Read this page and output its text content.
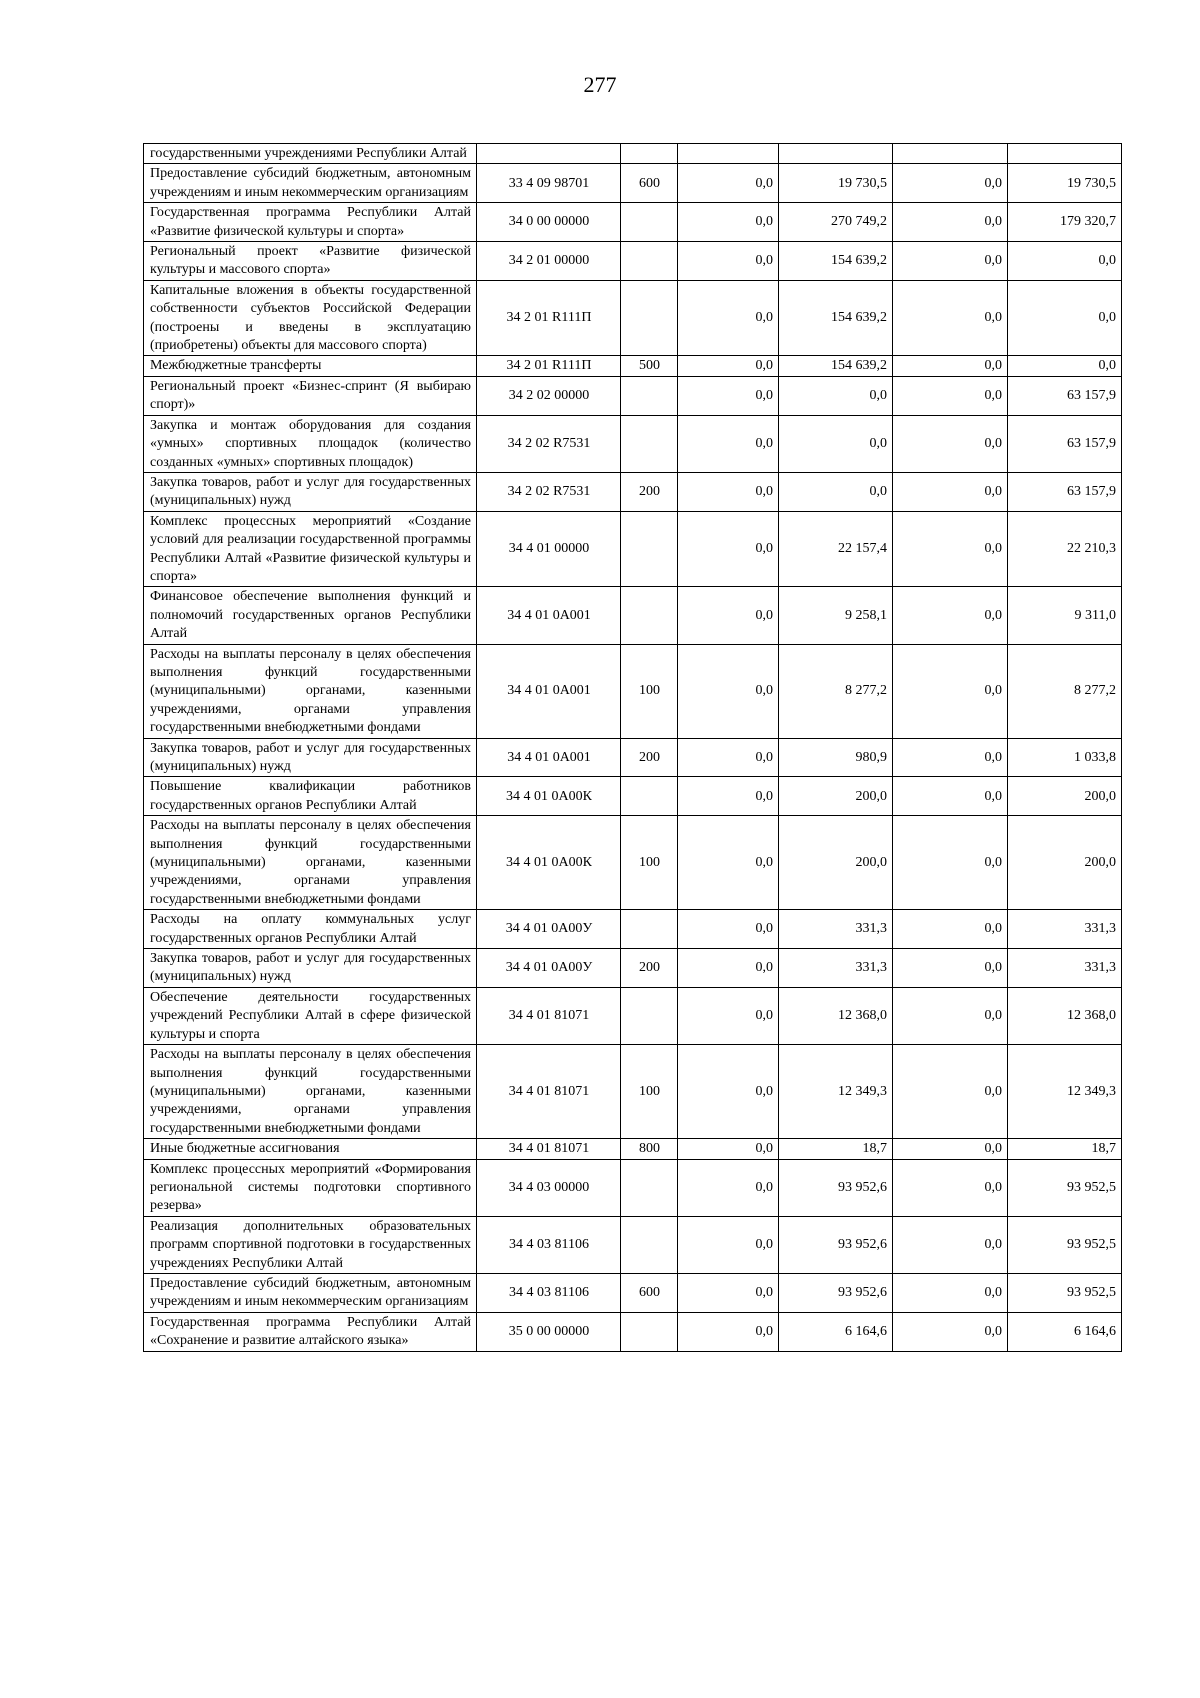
277
государственными учреждениями Республики Алтай						
Предоставление субсидий бюджетным, автономным учреждениям и иным некоммерческим организациям	33 4 09 98701	600	0,0	19 730,5	0,0	19 730,5
Государственная программа Республики Алтай «Развитие физической культуры и спорта»	34 0 00 00000		0,0	270 749,2	0,0	179 320,7
Региональный проект «Развитие физической культуры и массового спорта»	34 2 01 00000		0,0	154 639,2	0,0	0,0
Капитальные вложения в объекты государственной собственности субъектов Российской Федерации (построены и введены в эксплуатацию (приобретены) объекты для массового спорта)	34 2 01 R111П		0,0	154 639,2	0,0	0,0
Межбюджетные трансферты	34 2 01 R111П	500	0,0	154 639,2	0,0	0,0
Региональный проект «Бизнес-спринт (Я выбираю спорт)»	34 2 02 00000		0,0	0,0	0,0	63 157,9
Закупка и монтаж оборудования для создания «умных» спортивных площадок (количество созданных «умных» спортивных площадок)	34 2 02 R7531		0,0	0,0	0,0	63 157,9
Закупка товаров, работ и услуг для государственных (муниципальных) нужд	34 2 02 R7531	200	0,0	0,0	0,0	63 157,9
Комплекс процессных мероприятий «Создание условий для реализации государственной программы Республики Алтай «Развитие физической культуры и спорта»	34 4 01 00000		0,0	22 157,4	0,0	22 210,3
Финансовое обеспечение выполнения функций и полномочий государственных органов Республики Алтай	34 4 01 0А001		0,0	9 258,1	0,0	9 311,0
Расходы на выплаты персоналу в целях обеспечения выполнения функций государственными (муниципальными) органами, казенными учреждениями, органами управления государственными внебюджетными фондами	34 4 01 0А001	100	0,0	8 277,2	0,0	8 277,2
Закупка товаров, работ и услуг для государственных (муниципальных) нужд	34 4 01 0А001	200	0,0	980,9	0,0	1 033,8
Повышение квалификации работников государственных органов Республики Алтай	34 4 01 0А00К		0,0	200,0	0,0	200,0
Расходы на выплаты персоналу в целях обеспечения выполнения функций государственными (муниципальными) органами, казенными учреждениями, органами управления государственными внебюджетными фондами	34 4 01 0А00К	100	0,0	200,0	0,0	200,0
Расходы на оплату коммунальных услуг государственных органов Республики Алтай	34 4 01 0А00У		0,0	331,3	0,0	331,3
Закупка товаров, работ и услуг для государственных (муниципальных) нужд	34 4 01 0А00У	200	0,0	331,3	0,0	331,3
Обеспечение деятельности государственных учреждений Республики Алтай в сфере физической культуры и спорта	34 4 01 81071		0,0	12 368,0	0,0	12 368,0
Расходы на выплаты персоналу в целях обеспечения выполнения функций государственными (муниципальными) органами, казенными учреждениями, органами управления государственными внебюджетными фондами	34 4 01 81071	100	0,0	12 349,3	0,0	12 349,3
Иные бюджетные ассигнования	34 4 01 81071	800	0,0	18,7	0,0	18,7
Комплекс процессных мероприятий «Формирования региональной системы подготовки спортивного резерва»	34 4 03 00000		0,0	93 952,6	0,0	93 952,5
Реализация дополнительных образовательных программ спортивной подготовки в государственных учреждениях Республики Алтай	34 4 03 81106		0,0	93 952,6	0,0	93 952,5
Предоставление субсидий бюджетным, автономным учреждениям и иным некоммерческим организациям	34 4 03 81106	600	0,0	93 952,6	0,0	93 952,5
Государственная программа Республики Алтай «Сохранение и развитие алтайского языка»	35 0 00 00000		0,0	6 164,6	0,0	6 164,6
